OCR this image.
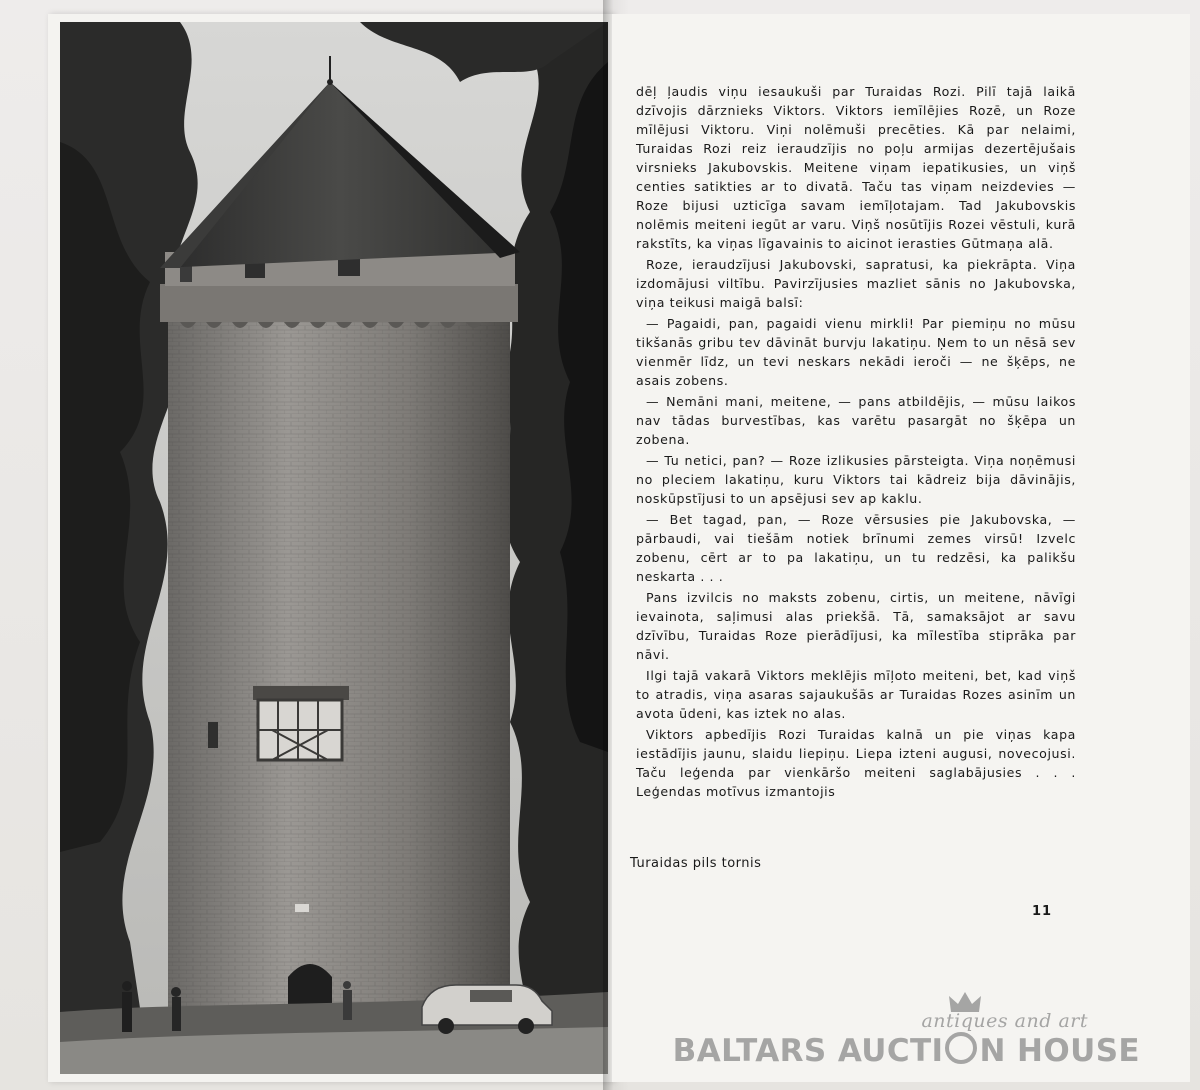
dēļ ļaudis viņu iesaukuši par Turaidas Rozi. Pilī tajā laikā dzīvojis dārznieks Viktors. Viktors iemīlējies Rozē, un Roze mīlējusi Viktoru. Viņi nolēmuši precēties. Kā par nelaimi, Turaidas Rozi reiz ieraudzījis no poļu armijas dezertējušais virsnieks Jakubovskis. Meitene viņam iepatikusies, un viņš centies satikties ar to divatā. Taču tas viņam neizdevies — Roze bijusi uzticīga savam iemīļotajam. Tad Jakubovskis nolēmis meiteni iegūt ar varu. Viņš nosūtījis Rozei vēstuli, kurā rakstīts, ka viņas līgavainis to aicinot ierasties Gūtmaņa alā.

Roze, ieraudzījusi Jakubovski, sapratusi, ka piekrāpta. Viņa izdomājusi viltību. Pavirzījusies mazliet sānis no Jakubovska, viņa teikusi maigā balsī:

— Pagaidi, pan, pagaidi vienu mirkli! Par piemiņu no mūsu tikšanās gribu tev dāvināt burvju lakatiņu. Ņem to un nēsā sev vienmēr līdz, un tevi neskars nekādi ieroči — ne šķēps, ne asais zobens.

— Nemāni mani, meitene, — pans atbildējis, — mūsu laikos nav tādas burvestības, kas varētu pasargāt no šķēpa un zobena.

— Tu netici, pan? — Roze izlikusies pārsteigta. Viņa noņēmusi no pleciem lakatiņu, kuru Viktors tai kādreiz bija dāvinājis, noskūpstījusi to un apsējusi sev ap kaklu.

— Bet tagad, pan, — Roze vērsusies pie Jakubovska, — pārbaudi, vai tiešām notiek brīnumi zemes virsū! Izvelc zobenu, cērt ar to pa lakatiņu, un tu redzēsi, ka palikšu neskarta . . .

Pans izvilcis no maksts zobenu, cirtis, un meitene, nāvīgi ievainota, saļimusi alas priekšā. Tā, samaksājot ar savu dzīvību, Turaidas Roze pierādījusi, ka mīlestība stiprāka par nāvi.

Ilgi tajā vakarā Viktors meklējis mīļoto meiteni, bet, kad viņš to atradis, viņa asaras sajaukušās ar Turaidas Rozes asinīm un avota ūdeni, kas iztek no alas.

Viktors apbedījis Rozi Turaidas kalnā un pie viņas kapa iestādījis jaunu, slaidu liepiņu. Liepa izteni augusi, novecojusi. Taču leģenda par vienkāršo meiteni saglabājusies . . . Leģendas motīvus izmantojis

Turaidas pils tornis
11
antiques and art
BALTARS AUCTI N HOUSE
